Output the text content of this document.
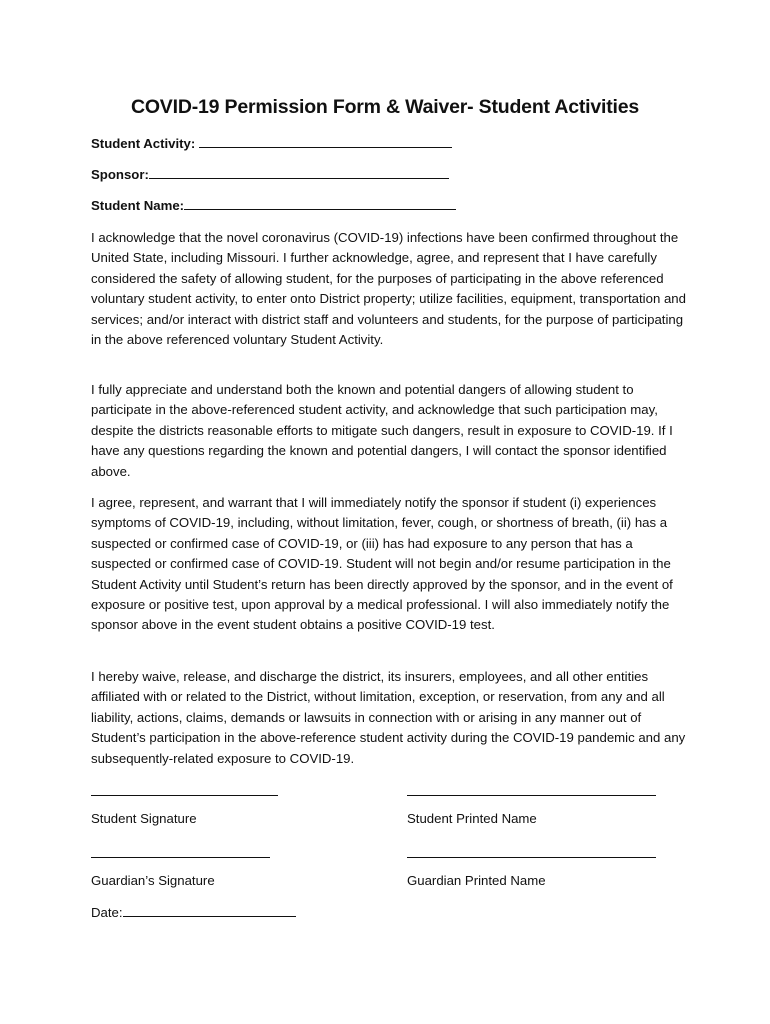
COVID-19 Permission Form & Waiver- Student Activities
Student Activity:
Sponsor:
Student Name:

I acknowledge that the novel coronavirus (COVID-19) infections have been confirmed throughout the United State, including Missouri. I further acknowledge, agree, and represent that I have carefully considered the safety of allowing student, for the purposes of participating in the above referenced voluntary student activity, to enter onto District property; utilize facilities, equipment, transportation and services; and/or interact with district staff and volunteers and students, for the purpose of participating in the above referenced voluntary Student Activity.

I fully appreciate and understand both the known and potential dangers of allowing student to participate in the above-referenced student activity, and acknowledge that such participation may, despite the districts reasonable efforts to mitigate such dangers, result in exposure to COVID-19. If I have any questions regarding the known and potential dangers, I will contact the sponsor identified above.

I agree, represent, and warrant that I will immediately notify the sponsor if student (i) experiences symptoms of COVID-19, including, without limitation, fever, cough, or shortness of breath, (ii) has a suspected or confirmed case of COVID-19, or (iii) has had exposure to any person that has a suspected or confirmed case of COVID-19. Student will not begin and/or resume participation in the Student Activity until Student’s return has been directly approved by the sponsor, and in the event of exposure or positive test, upon approval by a medical professional. I will also immediately notify the sponsor above in the event student obtains a positive COVID-19 test.

I hereby waive, release, and discharge the district, its insurers, employees, and all other entities affiliated with or related to the District, without limitation, exception, or reservation, from any and all liability, actions, claims, demands or lawsuits in connection with or arising in any manner out of Student’s participation in the above-reference student activity during the COVID-19 pandemic and any subsequently-related exposure to COVID-19.

Student Signature	Student Printed Name
Guardian’s Signature	Guardian Printed Name
Date:
